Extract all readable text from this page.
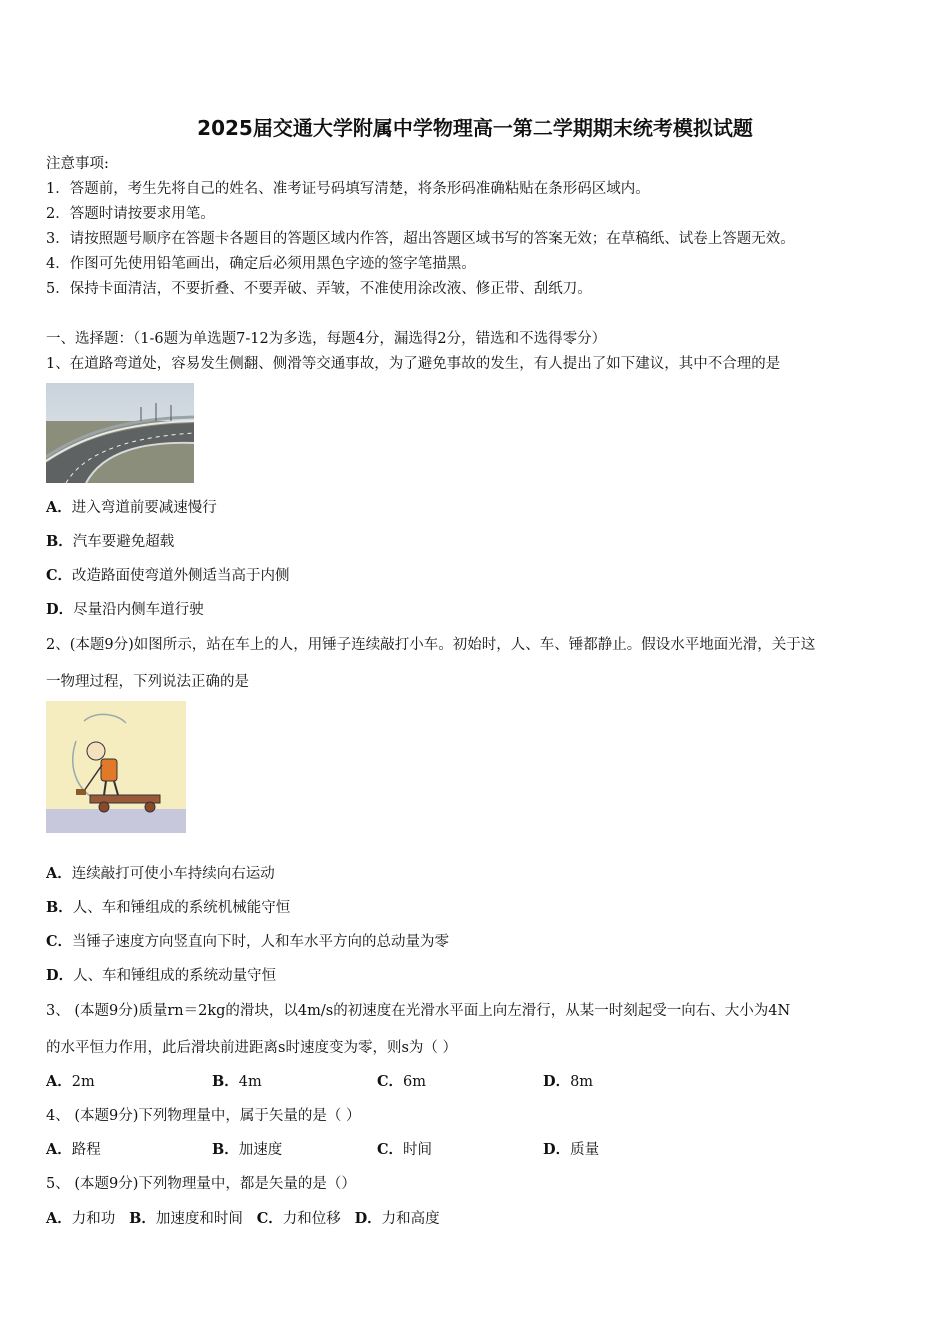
2025届交通大学附属中学物理高一第二学期期末统考模拟试题
注意事项:
1．答题前，考生先将自己的姓名、准考证号码填写清楚，将条形码准确粘贴在条形码区域内。
2．答题时请按要求用笔。
3．请按照题号顺序在答题卡各题目的答题区域内作答，超出答题区域书写的答案无效；在草稿纸、试卷上答题无效。
4．作图可先使用铅笔画出，确定后必须用黑色字迹的签字笔描黑。
5．保持卡面清洁，不要折叠、不要弄破、弄皱，不准使用涂改液、修正带、刮纸刀。
一、选择题：（1-6题为单选题7-12为多选，每题4分，漏选得2分，错选和不选得零分）
1、在道路弯道处，容易发生侧翻、侧滑等交通事故，为了避免事故的发生，有人提出了如下建议，其中不合理的是
A．进入弯道前要减速慢行
B．汽车要避免超载
C．改造路面使弯道外侧适当高于内侧
D．尽量沿内侧车道行驶
2、(本题9分)如图所示，站在车上的人，用锤子连续敲打小车。初始时，人、车、锤都静止。假设水平地面光滑，关于这
一物理过程，下列说法正确的是
A．连续敲打可使小车持续向右运动
B．人、车和锤组成的系统机械能守恒
C．当锤子速度方向竖直向下时，人和车水平方向的总动量为零
D．人、车和锤组成的系统动量守恒
3、 (本题9分)质量rn＝2kg的滑块，以4m/s的初速度在光滑水平面上向左滑行，从某一时刻起受一向右、大小为4N
的水平恒力作用，此后滑块前进距离s时速度变为零，则s为（ ）
A．2m	B．4m	C．6m	D．8m
4、 (本题9分)下列物理量中，属于矢量的是（ ）
A．路程	B．加速度	C．时间	D．质量
5、 (本题9分)下列物理量中，都是矢量的是（）
A．力和功   B．加速度和时间   C．力和位移   D．力和高度
